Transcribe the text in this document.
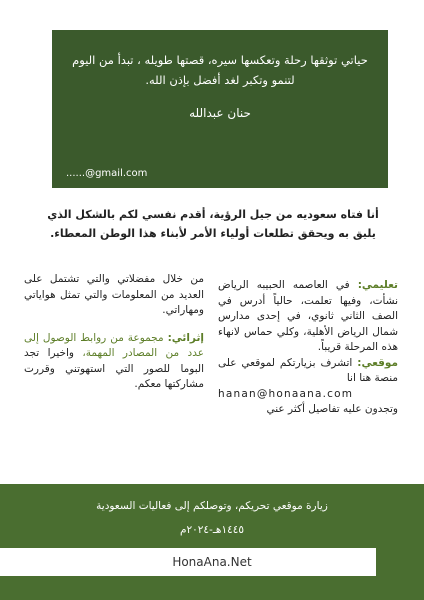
حياتي توثقها رحلة وتعكسها سيره، قصتها طويله ، تبدأ من اليوم لتنمو وتكبر لغد أفضل بإذن الله.

حنان عبدالله

......@gmail.com

أنا فتاه سعوديه من جيل الرؤية، أقدم نفسي لكم بالشكل الذي يليق به ويحقق تطلعات أولياء الأمر لأبناء هذا الوطن المعطاء.

تعليمي: في العاصمه الحبيبه الرياض نشأت، وفيها تعلمت، حالياً أدرس في الصف الثاني ثانوي، في إحدى مدارس شمال الرياض الأهلية، وكلي حماس لانهاء هذه المرحلة قريباً.
موقعي: اتشرف بزيارتكم لموقعي على منصة هنا انا
hanan@honaana.com
وتجدون عليه تفاصيل أكثر عني

من خلال مفضلاتي والتي تشتمل على العديد من المعلومات والتي تمثل هواياتي ومهاراتي.

إثرائي: مجموعة من روابط الوصول إلى عدد من المصادر المهمة، واخيرا تجد البوما للصور التي استهوتني وقررت مشاركتها معكم.

زيارة موقعي تحريكم، وتوصلكم إلى فعاليات السعودية
١٤٤٥هـ-٢٠٢٤م
HonaAna.Net
